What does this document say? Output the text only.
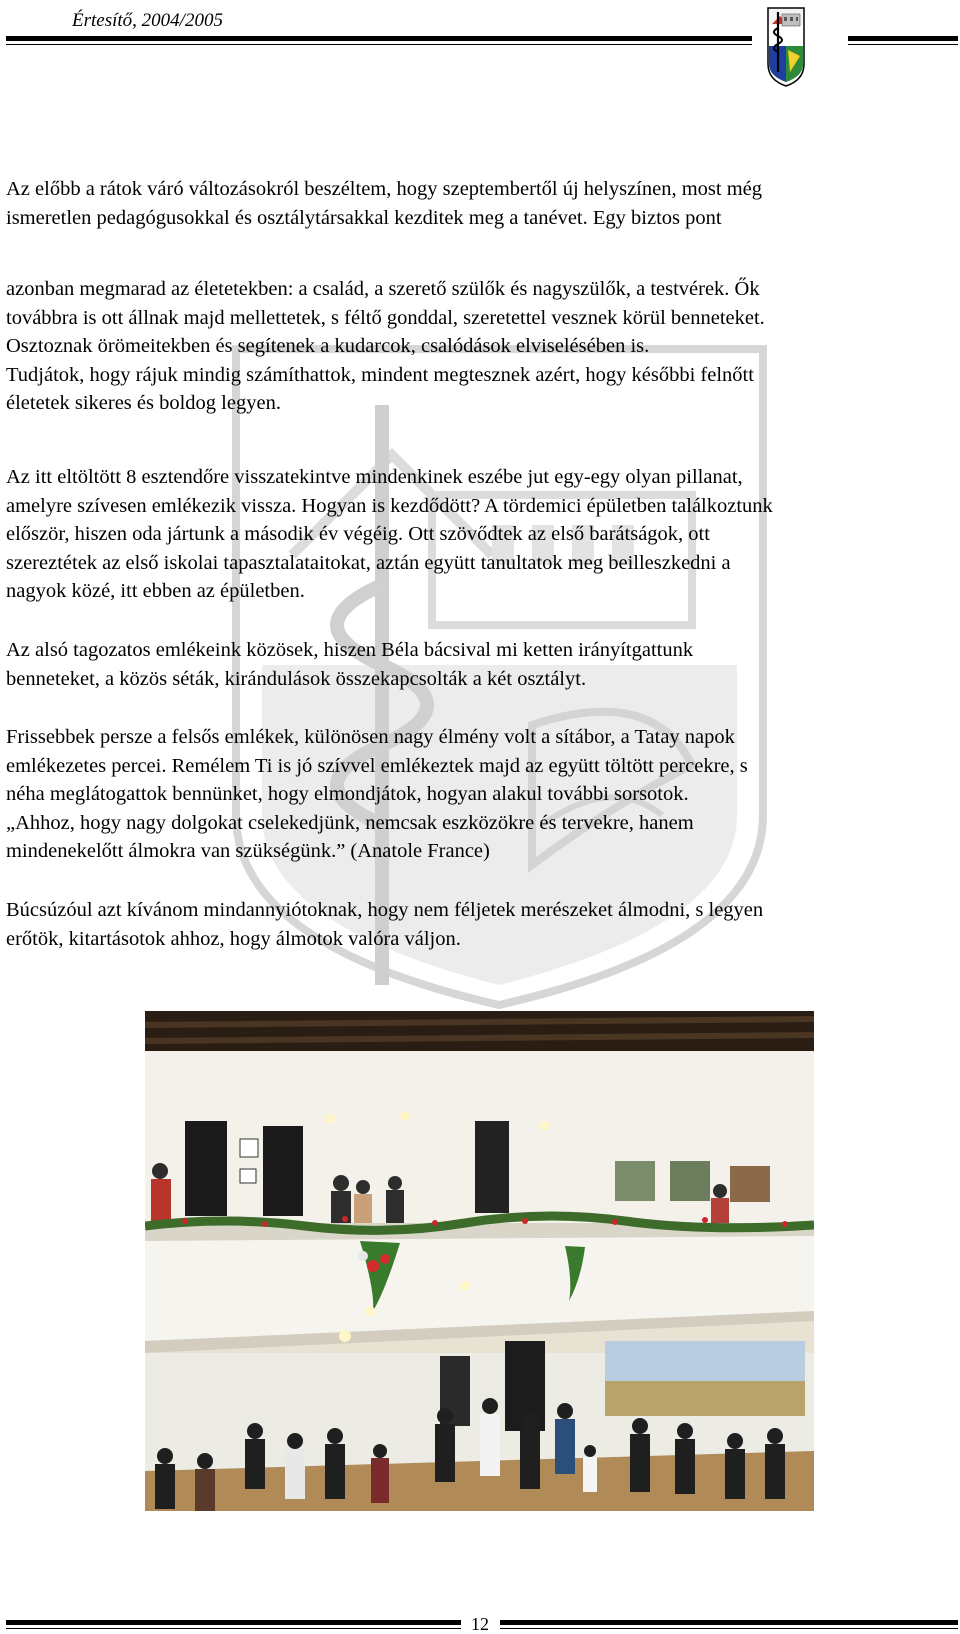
Értesítő, 2004/2005
Az előbb a rátok váró változásokról beszéltem, hogy szeptembertől új helyszínen, most még
ismeretlen pedagógusokkal és osztálytársakkal kezditek meg a tanévet. Egy biztos pont
azonban megmarad az életetekben: a család, a szerető szülők és nagyszülők, a testvérek. Ők
továbbra is ott állnak majd mellettetek, s féltő gonddal, szeretettel vesznek körül benneteket.
Osztoznak örömeitekben és segítenek a kudarcok, csalódások elviselésében is.
Tudjátok, hogy rájuk mindig számíthattok, mindent megtesznek azért, hogy későbbi felnőtt
életetek sikeres és boldog legyen.
Az itt eltöltött 8 esztendőre visszatekintve mindenkinek eszébe jut egy-egy olyan pillanat,
amelyre szívesen emlékezik vissza. Hogyan is kezdődött? A tördemici épületben találkoztunk
először, hiszen oda jártunk a második év végéig. Ott szövődtek az első barátságok, ott
szereztétek az első iskolai tapasztalataitokat, aztán együtt tanultatok meg beilleszkedni a
nagyok közé, itt ebben az épületben.
Az alsó tagozatos emlékeink közösek, hiszen Béla bácsival mi ketten irányítgattunk
benneteket, a közös séták, kirándulások összekapcsolták a két osztályt.
Frissebbek persze a felsős emlékek, különösen nagy élmény volt a sítábor, a Tatay napok
emlékezetes percei. Remélem Ti is jó szívvel emlékeztek majd az együtt töltött percekre, s
néha meglátogattok bennünket, hogy elmondjátok, hogyan alakul további sorsotok.
„Ahhoz, hogy nagy dolgokat cselekedjünk, nemcsak eszközökre és tervekre, hanem
mindenekelőtt álmokra van szükségünk.” (Anatole France)
Búcsúzóul azt kívánom mindannyiótoknak, hogy nem féljetek merészeket álmodni, s legyen
erőtök, kitartásotok ahhoz, hogy álmotok valóra váljon.
12
